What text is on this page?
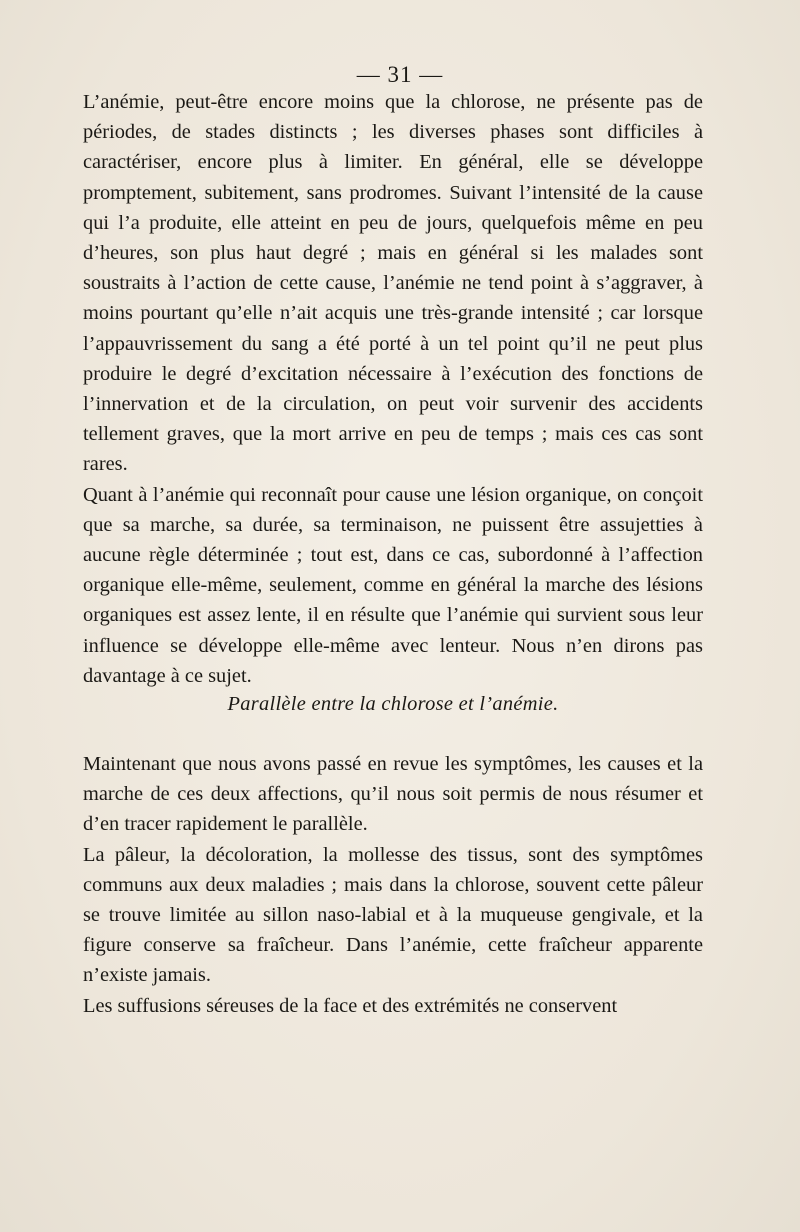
— 31 —

L’anémie, peut-être encore moins que la chlorose, ne présente pas de périodes, de stades distincts ; les diverses phases sont difficiles à caractériser, encore plus à limiter. En général, elle se développe promptement, subitement, sans prodromes. Suivant l’intensité de la cause qui l’a produite, elle atteint en peu de jours, quelquefois même en peu d’heures, son plus haut degré ; mais en général si les malades sont soustraits à l’action de cette cause, l’anémie ne tend point à s’aggraver, à moins pourtant qu’elle n’ait acquis une très-grande intensité ; car lorsque l’appauvrissement du sang a été porté à un tel point qu’il ne peut plus produire le degré d’excitation nécessaire à l’exécution des fonctions de l’innervation et de la circulation, on peut voir survenir des accidents tellement graves, que la mort arrive en peu de temps ; mais ces cas sont rares.

Quant à l’anémie qui reconnaît pour cause une lésion organique, on conçoit que sa marche, sa durée, sa terminaison, ne puissent être assujetties à aucune règle déterminée ; tout est, dans ce cas, subordonné à l’affection organique elle-même, seulement, comme en général la marche des lésions organiques est assez lente, il en résulte que l’anémie qui survient sous leur influence se développe elle-même avec lenteur. Nous n’en dirons pas davantage à ce sujet.

Parallèle entre la chlorose et l’anémie.

Maintenant que nous avons passé en revue les symptômes, les causes et la marche de ces deux affections, qu’il nous soit permis de nous résumer et d’en tracer rapidement le parallèle.

La pâleur, la décoloration, la mollesse des tissus, sont des symptômes communs aux deux maladies ; mais dans la chlorose, souvent cette pâleur se trouve limitée au sillon naso-labial et à la muqueuse gengivale, et la figure conserve sa fraîcheur. Dans l’anémie, cette fraîcheur apparente n’existe jamais.

Les suffusions séreuses de la face et des extrémités ne conservent
